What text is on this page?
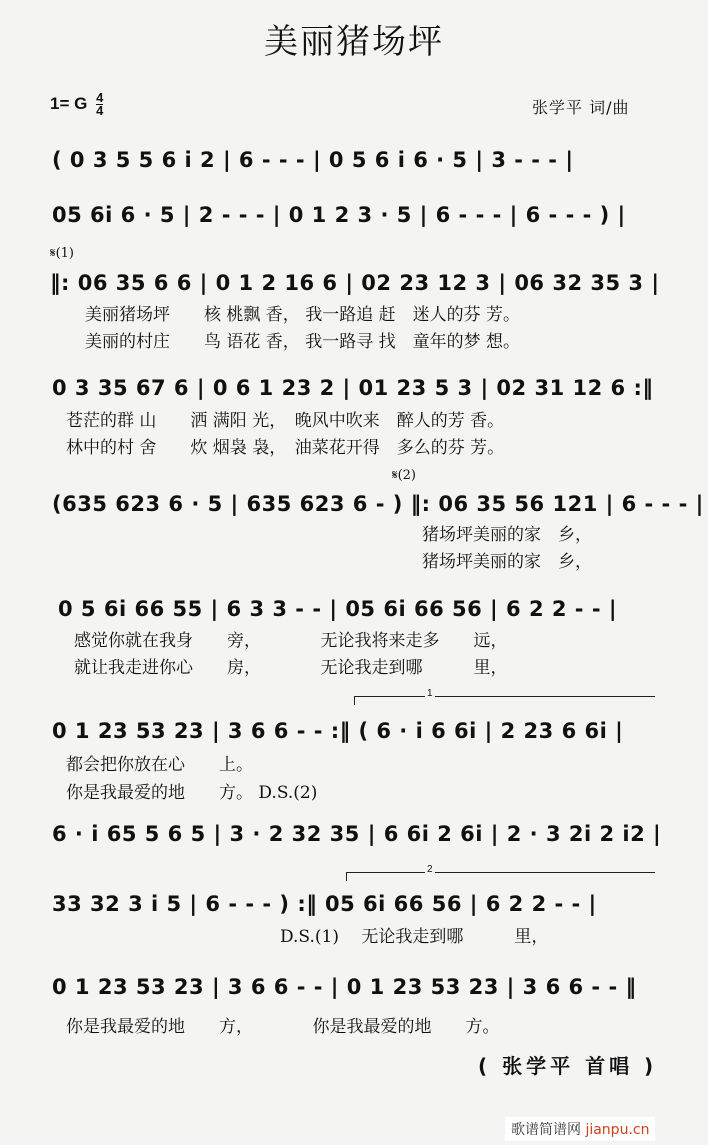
美丽猪场坪
1= G $\frac{4}{4}$	张学平 词/曲
( 0 3 5 5 6 i 2 | 6 - - - | 0 5 6 i 6 · 5 | 3 - - - |
05 6i 6 · 5 | 2 - - - | 0 1 2 3 · 5 | 6 - - - | 6 - - - ) |
𝄋(1)
‖: 06 35 6 6 | 0 1 2 16 6 | 02 23 12 3 | 06 32 35 3 |
美丽猪场坪　　核 桃飘 香， 我一路追 赶　迷人的芬 芳。
美丽的村庄　　鸟 语花 香， 我一路寻 找　童年的梦 想。
0 3 35 67 6 | 0 6 1 23 2 | 01 23 5 3 | 02 31 12 6 :‖
苍茫的群 山　　洒 满阳 光，　晚风中吹来　醉人的芳 香。
林中的村 舍　　炊 烟袅 袅，　油菜花开得　多么的芬 芳。
𝄋(2)
(635 623 6 · 5 | 635 623 6 - ) ‖: 06 35 56 121 | 6 - - - |
猪场坪美丽的家　乡，
猪场坪美丽的家　乡，
0 5 6i 66 55 | 6 3 3 - - | 05 6i 66 56 | 6 2 2 - - |
感觉你就在我身　　旁，　　　　无论我将来走多　　远，
就让我走进你心　　房，　　　　无论我走到哪　　　里，
1
0 1 23 53 23 | 3 6 6 - - :‖ ( 6 · i 6 6i | 2 23 6 6i |
都会把你放在心　　上。
你是我最爱的地　　方。 D.S.(2)
6 · i 65 5 6 5 | 3 · 2 32 35 | 6 6i 2 6i | 2 · 3 2i 2 i2 |
2
33 32 3 i 5 | 6 - - - ) :‖ 05 6i 66 56 | 6 2 2 - - |
D.S.(1)　 无论我走到哪　　　里，
0 1 23 53 23 | 3 6 6 - - | 0 1 23 53 23 | 3 6 6 - - ‖
你是我最爱的地　　方，　　　　你是我最爱的地　　方。
( 张学平 首唱 )
歌谱简谱网 jianpu.cn
